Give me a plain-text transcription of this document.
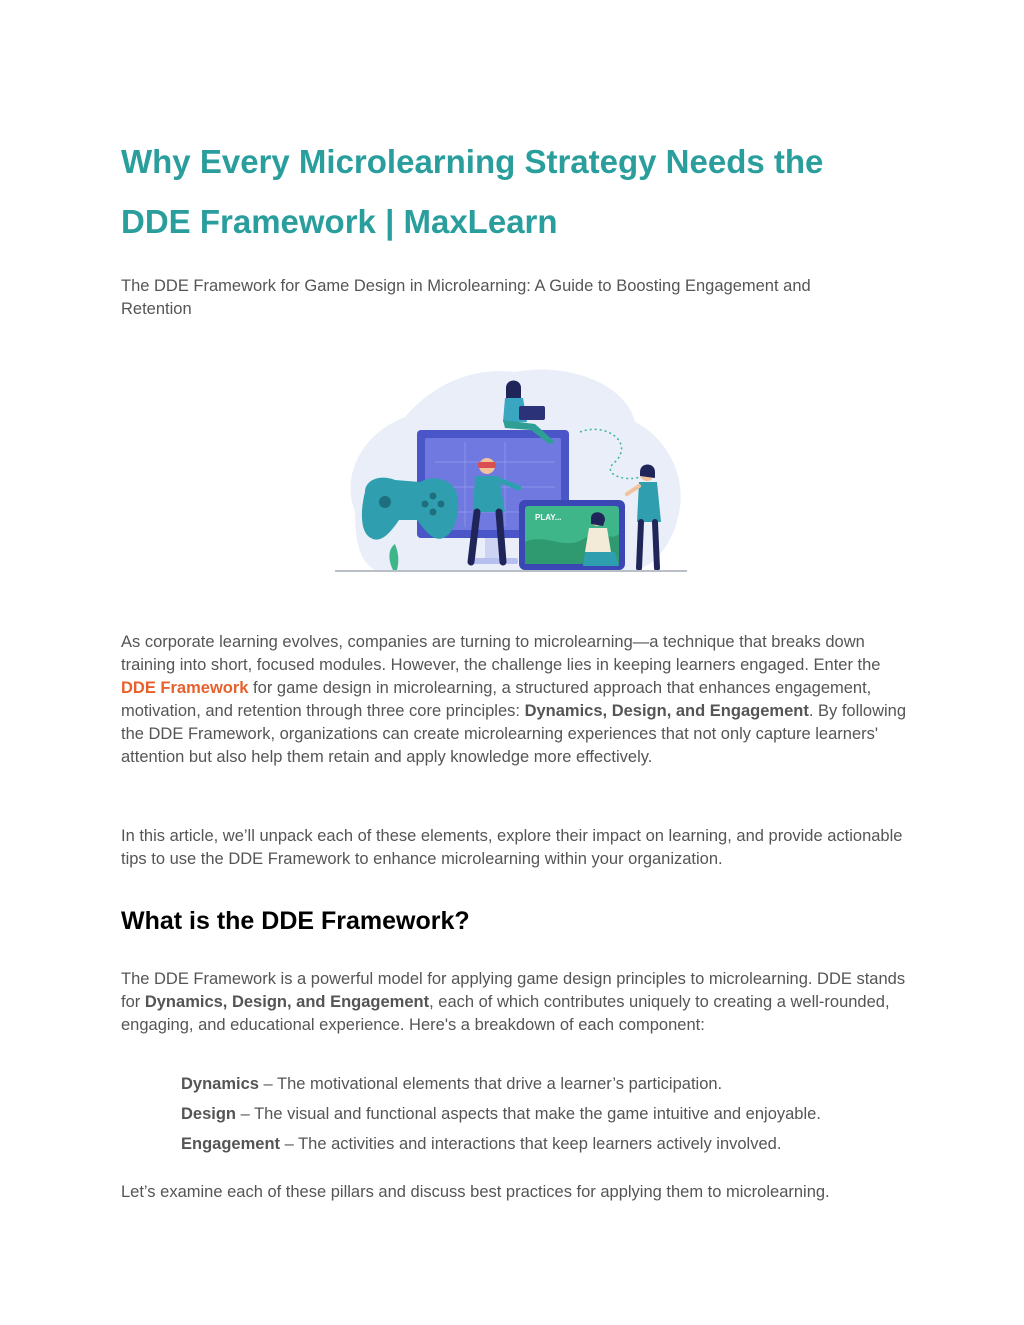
Why Every Microlearning Strategy Needs the
DDE Framework | MaxLearn

The DDE Framework for Game Design in Microlearning: A Guide to Boosting Engagement and Retention

PLAY...

As corporate learning evolves, companies are turning to microlearning—a technique that breaks down training into short, focused modules. However, the challenge lies in keeping learners engaged. Enter the DDE Framework for game design in microlearning, a structured approach that enhances engagement, motivation, and retention through three core principles: Dynamics, Design, and Engagement. By following the DDE Framework, organizations can create microlearning experiences that not only capture learners' attention but also help them retain and apply knowledge more effectively.

In this article, we’ll unpack each of these elements, explore their impact on learning, and provide actionable tips to use the DDE Framework to enhance microlearning within your organization.

What is the DDE Framework?

The DDE Framework is a powerful model for applying game design principles to microlearning. DDE stands for Dynamics, Design, and Engagement, each of which contributes uniquely to creating a well-rounded, engaging, and educational experience. Here's a breakdown of each component:

Dynamics – The motivational elements that drive a learner’s participation.
Design – The visual and functional aspects that make the game intuitive and enjoyable.
Engagement – The activities and interactions that keep learners actively involved.

Let’s examine each of these pillars and discuss best practices for applying them to microlearning.
